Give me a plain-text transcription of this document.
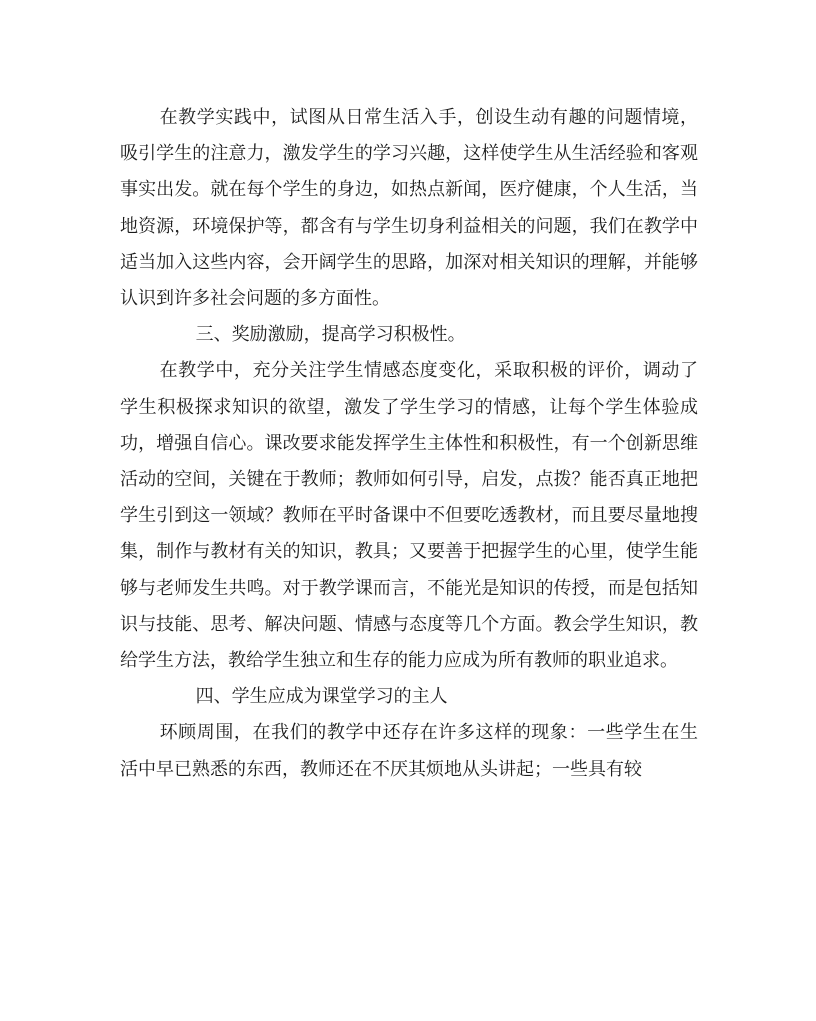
在教学实践中，试图从日常生活入手，创设生动有趣的问题情境，吸引学生的注意力，激发学生的学习兴趣，这样使学生从生活经验和客观事实出发。就在每个学生的身边，如热点新闻，医疗健康，个人生活，当地资源，环境保护等，都含有与学生切身利益相关的问题，我们在教学中适当加入这些内容，会开阔学生的思路，加深对相关知识的理解，并能够认识到许多社会问题的多方面性。

三、奖励激励，提高学习积极性。

在教学中，充分关注学生情感态度变化，采取积极的评价，调动了学生积极探求知识的欲望，激发了学生学习的情感，让每个学生体验成功，增强自信心。课改要求能发挥学生主体性和积极性，有一个创新思维活动的空间，关键在于教师；教师如何引导，启发，点拨？能否真正地把学生引到这一领域？教师在平时备课中不但要吃透教材，而且要尽量地搜集，制作与教材有关的知识，教具；又要善于把握学生的心里，使学生能够与老师发生共鸣。对于教学课而言，不能光是知识的传授，而是包括知识与技能、思考、解决问题、情感与态度等几个方面。教会学生知识，教给学生方法，教给学生独立和生存的能力应成为所有教师的职业追求。

四、学生应成为课堂学习的主人

环顾周围，在我们的教学中还存在许多这样的现象：一些学生在生活中早已熟悉的东西，教师还在不厌其烦地从头讲起；一些具有较
